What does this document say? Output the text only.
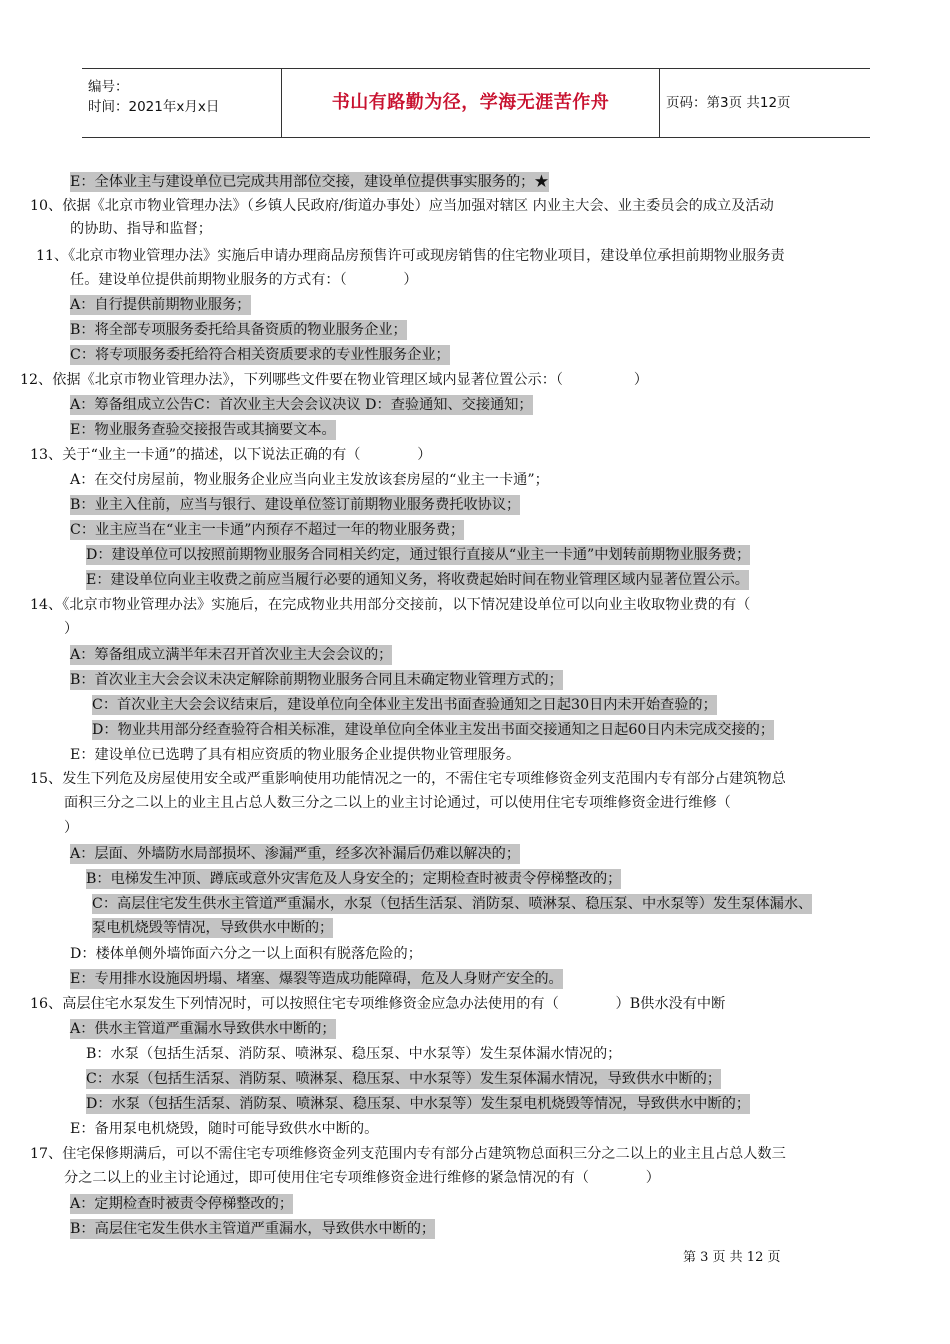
编号：
时间：2021年x月x日	书山有路勤为径，学海无涯苦作舟	页码：第3页 共12页
E：全体业主与建设单位已完成共用部位交接，建设单位提供事实服务的；★
10、依据《北京市物业管理办法》（乡镇人民政府/街道办事处）应当加强对辖区 内业主大会、业主委员会的成立及活动
的协助、指导和监督；
11、《北京市物业管理办法》实施后申请办理商品房预售许可或现房销售的住宅物业项目，建设单位承担前期物业服务责
任。建设单位提供前期物业服务的方式有：（　　　　）
A：自行提供前期物业服务；
B：将全部专项服务委托给具备资质的物业服务企业；
C：将专项服务委托给符合相关资质要求的专业性服务企业；
12、依据《北京市物业管理办法》，下列哪些文件要在物业管理区域内显著位置公示：（　　　　　）
A：筹备组成立公告C：首次业主大会会议决议 D：查验通知、交接通知；
E：物业服务查验交接报告或其摘要文本。
13、关于“业主一卡通”的描述，以下说法正确的有（　　　　）
A：在交付房屋前，物业服务企业应当向业主发放该套房屋的“业主一卡通”；
B：业主入住前，应当与银行、建设单位签订前期物业服务费托收协议；
C：业主应当在“业主一卡通”内预存不超过一年的物业服务费；
D：建设单位可以按照前期物业服务合同相关约定，通过银行直接从“业主一卡通”中划转前期物业服务费；
E：建设单位向业主收费之前应当履行必要的通知义务，将收费起始时间在物业管理区域内显著位置公示。
14、《北京市物业管理办法》实施后，在完成物业共用部分交接前，以下情况建设单位可以向业主收取物业费的有（
）
A：筹备组成立满半年未召开首次业主大会会议的；
B：首次业主大会会议未决定解除前期物业服务合同且未确定物业管理方式的；
C：首次业主大会会议结束后，建设单位向全体业主发出书面查验通知之日起30日内未开始查验的；
D：物业共用部分经查验符合相关标准，建设单位向全体业主发出书面交接通知之日起60日内未完成交接的；
E：建设单位已选聘了具有相应资质的物业服务企业提供物业管理服务。
15、发生下列危及房屋使用安全或严重影响使用功能情况之一的，不需住宅专项维修资金列支范围内专有部分占建筑物总
面积三分之二以上的业主且占总人数三分之二以上的业主讨论通过，可以使用住宅专项维修资金进行维修（
）
A：层面、外墙防水局部损坏、渗漏严重，经多次补漏后仍难以解决的；
B：电梯发生冲顶、蹲底或意外灾害危及人身安全的；定期检查时被责令停梯整改的；
C：高层住宅发生供水主管道严重漏水，水泵（包括生活泵、消防泵、喷淋泵、稳压泵、中水泵等）发生泵体漏水、
泵电机烧毁等情况，导致供水中断的；
D：楼体单侧外墙饰面六分之一以上面积有脱落危险的；
E：专用排水设施因坍塌、堵塞、爆裂等造成功能障碍，危及人身财产安全的。
16、高层住宅水泵发生下列情况时，可以按照住宅专项维修资金应急办法使用的有（　　　　）B供水没有中断
A：供水主管道严重漏水导致供水中断的；
B：水泵（包括生活泵、消防泵、喷淋泵、稳压泵、中水泵等）发生泵体漏水情况的；
C：水泵（包括生活泵、消防泵、喷淋泵、稳压泵、中水泵等）发生泵体漏水情况，导致供水中断的；
D：水泵（包括生活泵、消防泵、喷淋泵、稳压泵、中水泵等）发生泵电机烧毁等情况，导致供水中断的；
E：备用泵电机烧毁，随时可能导致供水中断的。
17、住宅保修期满后，可以不需住宅专项维修资金列支范围内专有部分占建筑物总面积三分之二以上的业主且占总人数三
分之二以上的业主讨论通过，即可使用住宅专项维修资金进行维修的紧急情况的有（　　　　）
A：定期检查时被责令停梯整改的；
B：高层住宅发生供水主管道严重漏水，导致供水中断的；
第 3 页 共 12 页
